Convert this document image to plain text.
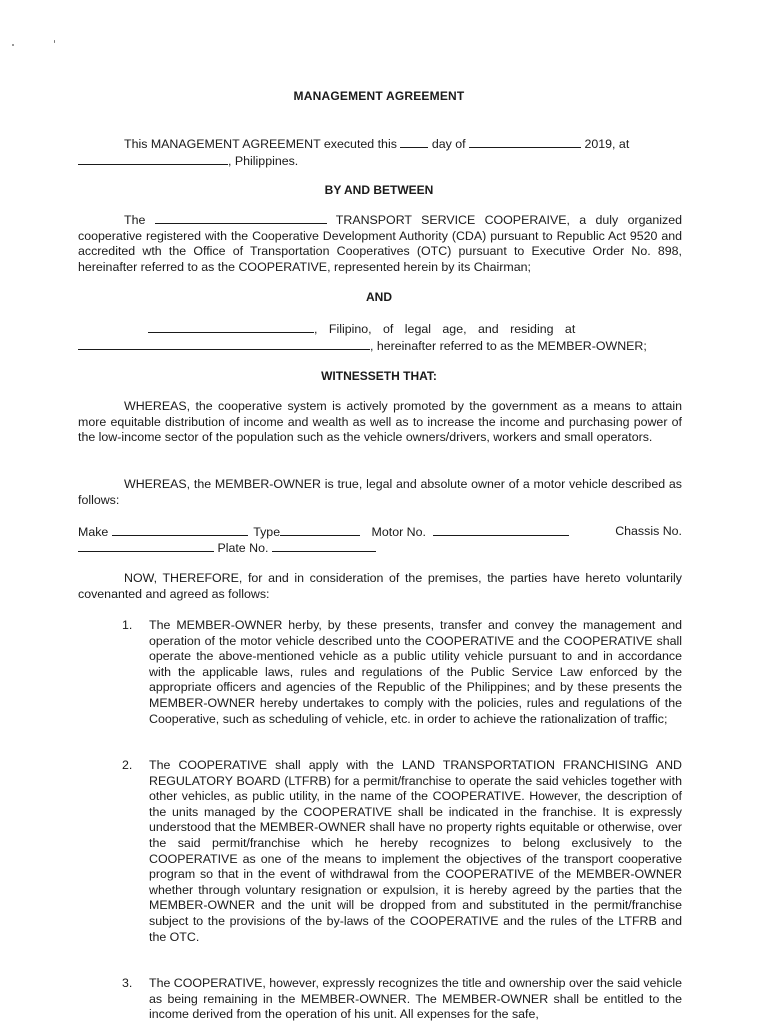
MANAGEMENT AGREEMENT
This MANAGEMENT AGREEMENT executed this	day of	2019, at
, Philippines.
BY AND BETWEEN
The	TRANSPORT SERVICE COOPERAIVE, a duly organized cooperative registered with the Cooperative Development Authority (CDA) pursuant to Republic Act 9520 and accredited wth the Office of Transportation Cooperatives (OTC) pursuant to Executive Order No. 898, hereinafter referred to as the COOPERATIVE, represented herein by its Chairman;
AND
, Filipino, of legal age, and residing at
, hereinafter referred to as the MEMBER-OWNER;
WITNESSETH THAT:
WHEREAS, the cooperative system is actively promoted by the government as a means to attain more equitable distribution of income and wealth as well as to increase the income and purchasing power of the low-income sector of the population such as the vehicle owners/drivers, workers and small operators.
WHEREAS, the MEMBER-OWNER is true, legal and absolute owner of a motor vehicle described as follows:
Make	Type	Motor No.	Chassis No.
Plate No.
NOW, THEREFORE, for and in consideration of the premises, the parties have hereto voluntarily covenanted and agreed as follows:
1.	The MEMBER-OWNER herby, by these presents, transfer and convey the management and operation of the motor vehicle described unto the COOPERATIVE and the COOPERATIVE shall operate the above-mentioned vehicle as a public utility vehicle pursuant to and in accordance with the applicable laws, rules and regulations of the Public Service Law enforced by the appropriate officers and agencies of the Republic of the Philippines; and by these presents the MEMBER-OWNER hereby undertakes to comply with the policies, rules and regulations of the Cooperative, such as scheduling of vehicle, etc. in order to achieve the rationalization of traffic;
2.	The COOPERATIVE shall apply with the LAND TRANSPORTATION FRANCHISING AND REGULATORY BOARD (LTFRB) for a permit/franchise to operate the said vehicles together with other vehicles, as public utility, in the name of the COOPERATIVE. However, the description of the units managed by the COOPERATIVE shall be indicated in the franchise. It is expressly understood that the MEMBER-OWNER shall have no property rights equitable or otherwise, over the said permit/franchise which he hereby recognizes to belong exclusively to the COOPERATIVE as one of the means to implement the objectives of the transport cooperative program so that in the event of withdrawal from the COOPERATIVE of the MEMBER-OWNER whether through voluntary resignation or expulsion, it is hereby agreed by the parties that the MEMBER-OWNER and the unit will be dropped from and substituted in the permit/franchise subject to the provisions of the by-laws of the COOPERATIVE and the rules of the LTFRB and the OTC.
3.	The COOPERATIVE, however, expressly recognizes the title and ownership over the said vehicle as being remaining in the MEMBER-OWNER. The MEMBER-OWNER shall be entitled to the income derived from the operation of his unit. All expenses for the safe,
